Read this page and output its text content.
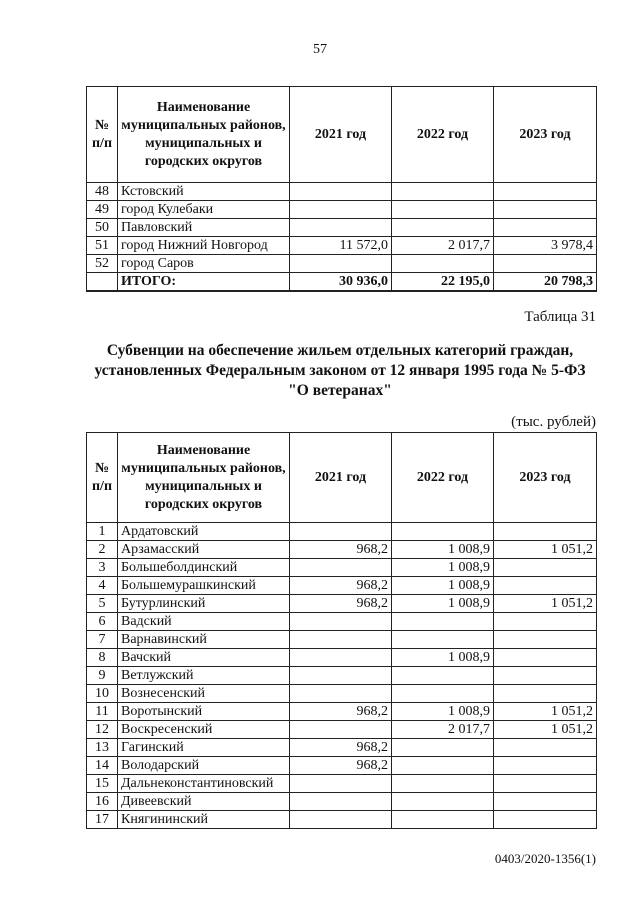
57
№ п/п	Наименование муниципальных районов, муниципальных и городских округов	2021 год	2022 год	2023 год
48	Кстовский			
49	город Кулебаки			
50	Павловский			
51	город Нижний Новгород	11 572,0	2 017,7	3 978,4
52	город Саров			
	ИТОГО:	30 936,0	22 195,0	20 798,3
Таблица 31
Субвенции на обеспечение жильем отдельных категорий граждан,
установленных Федеральным законом от 12 января 1995 года № 5-ФЗ
"О ветеранах"
(тыс. рублей)
№ п/п	Наименование муниципальных районов, муниципальных и городских округов	2021 год	2022 год	2023 год
1	Ардатовский			
2	Арзамасский	968,2	1 008,9	1 051,2
3	Большеболдинский		1 008,9	
4	Большемурашкинский	968,2	1 008,9	
5	Бутурлинский	968,2	1 008,9	1 051,2
6	Вадский			
7	Варнавинский			
8	Вачский		1 008,9	
9	Ветлужский			
10	Вознесенский			
11	Воротынский	968,2	1 008,9	1 051,2
12	Воскресенский		2 017,7	1 051,2
13	Гагинский	968,2		
14	Володарский	968,2		
15	Дальнеконстантиновский			
16	Дивеевский			
17	Княгининский			
0403/2020-1356(1)
